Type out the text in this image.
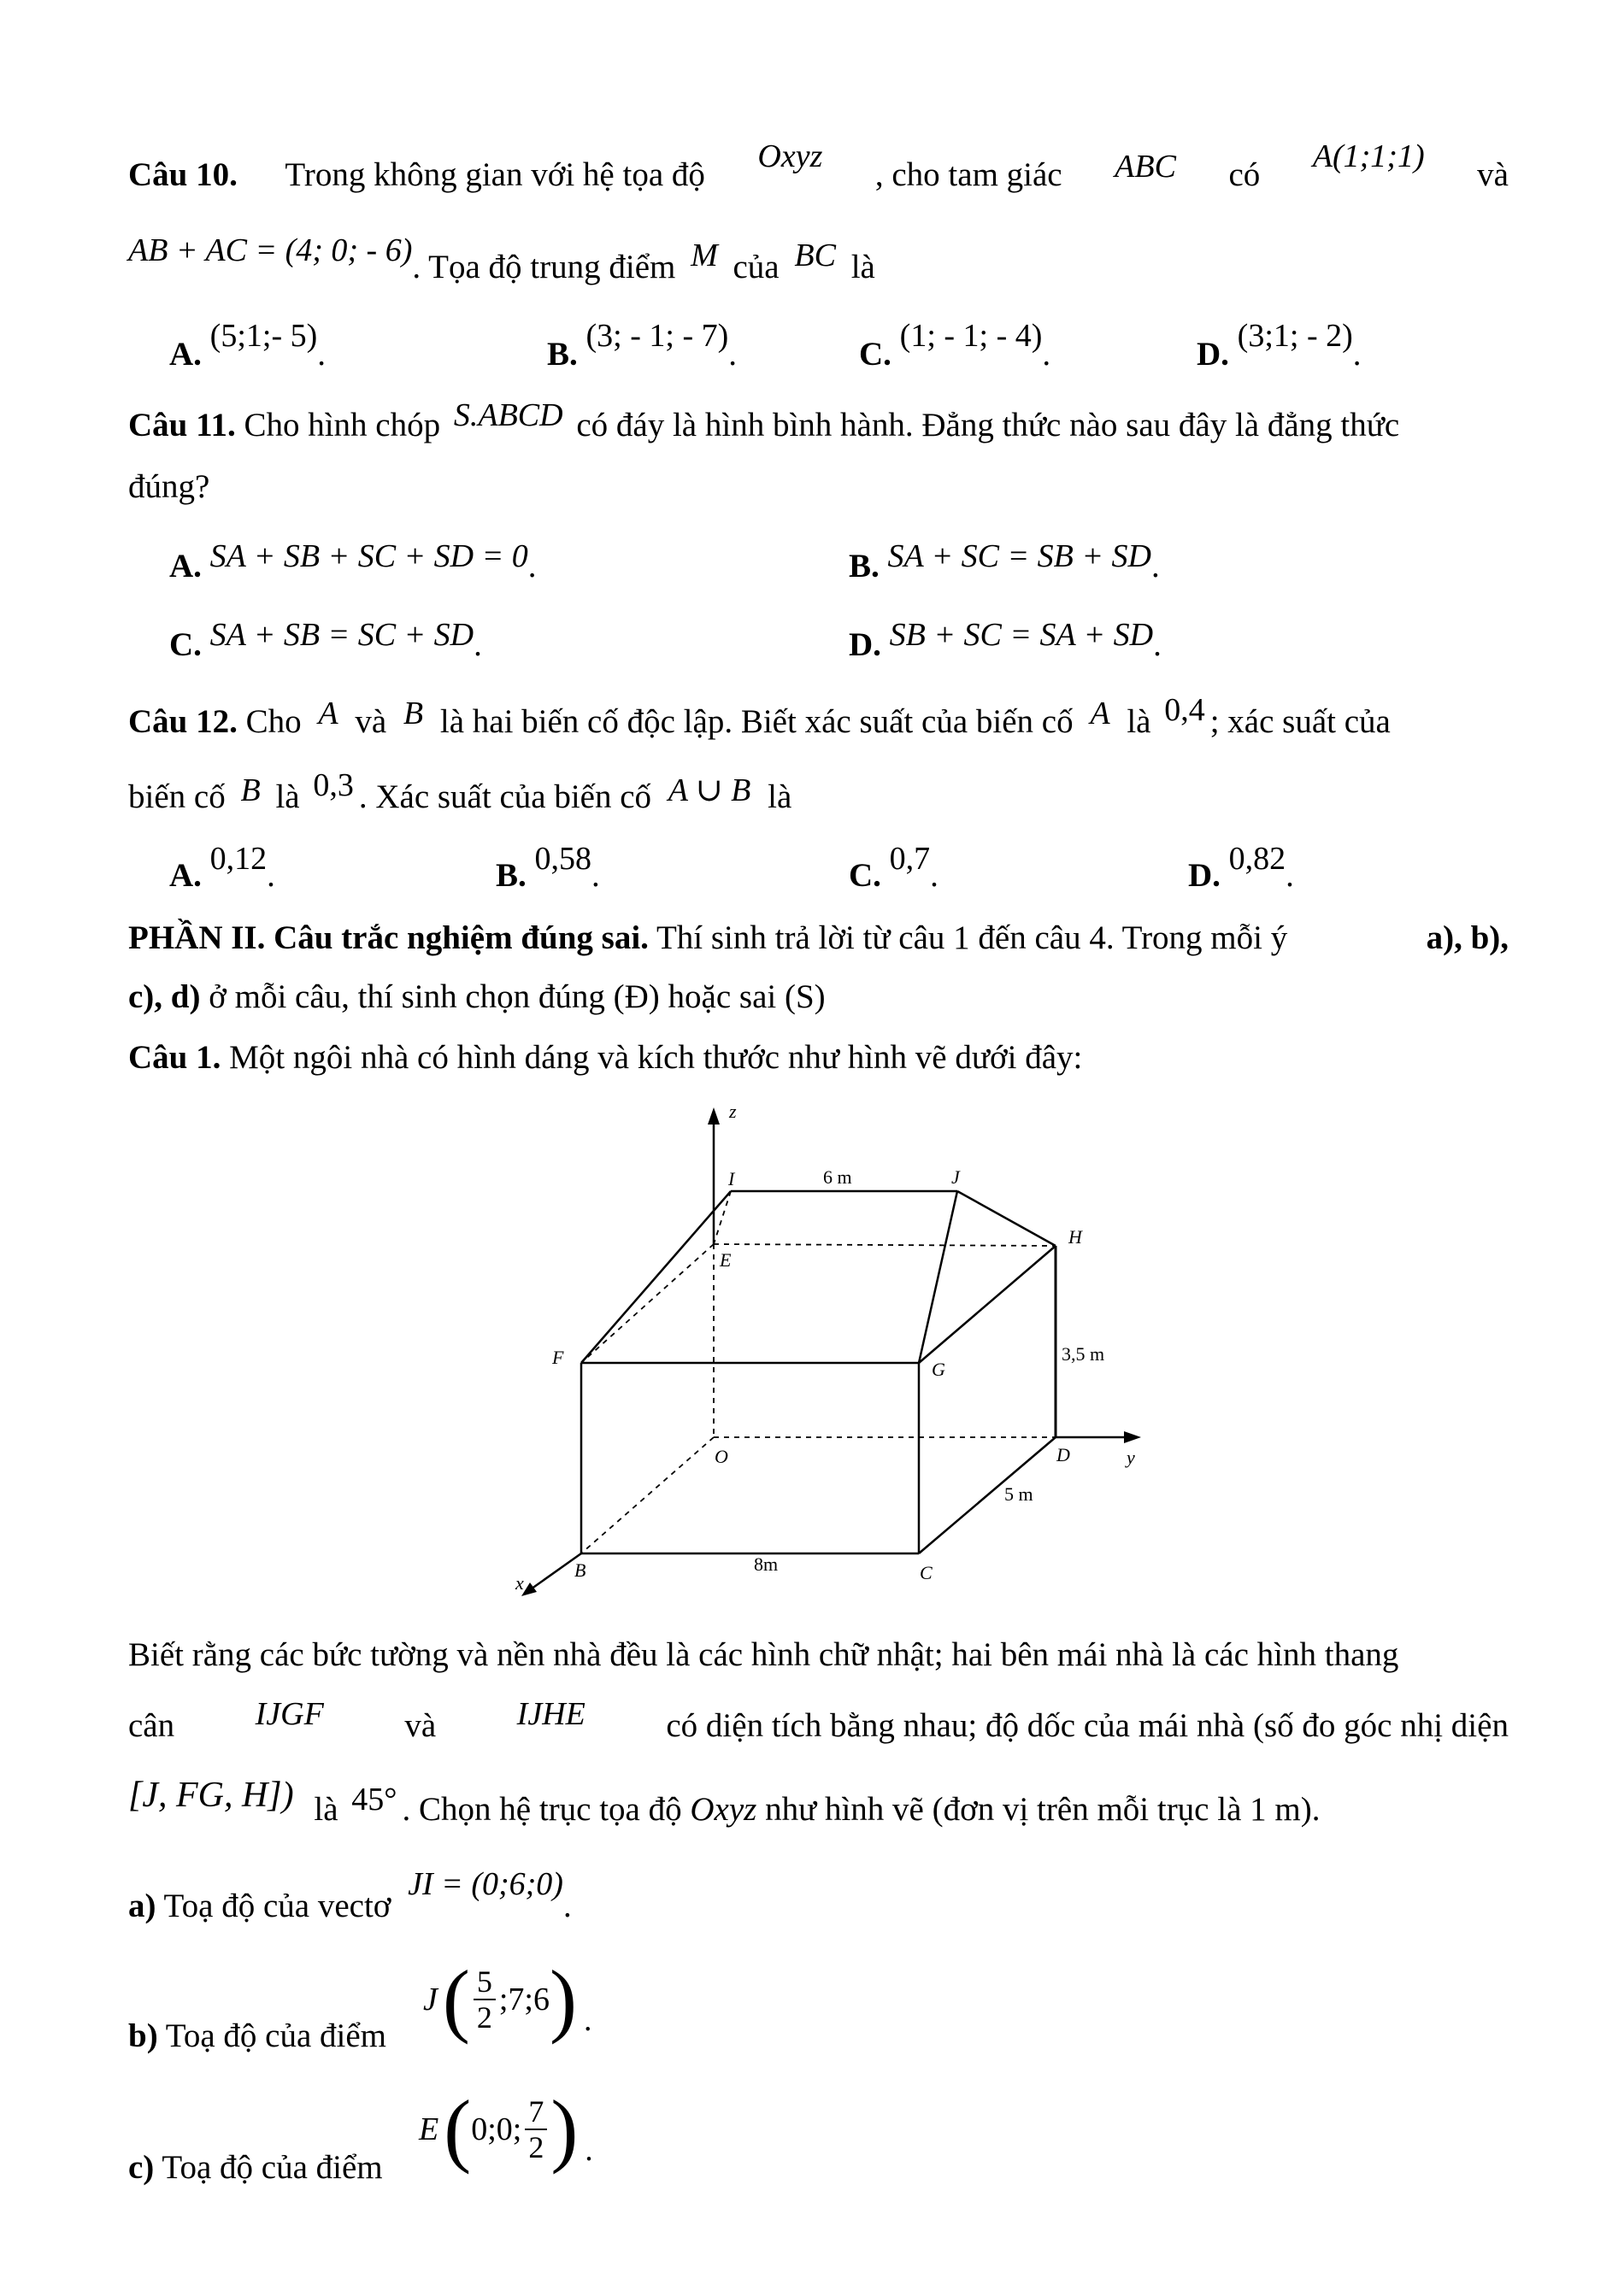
Câu 10. Trong không gian với hệ tọa độ Oxyz , cho tam giác ABC có A(1;1;1) và
AB + AC = (4; 0; - 6). Tọa độ trung điểm M của BC là
A. (5;1;- 5).	B. (3; - 1; - 7).	C. (1; - 1; - 4).	D. (3;1; - 2).
Câu 11. Cho hình chóp S.ABCD có đáy là hình bình hành. Đẳng thức nào sau đây là đẳng thức
đúng?
A. SA + SB + SC + SD = 0.	B. SA + SC = SB + SD.
C. SA + SB = SC + SD.	D. SB + SC = SA + SD.
Câu 12. Cho A và B là hai biến cố độc lập. Biết xác suất của biến cố A là 0,4 ; xác suất của
biến cố B là 0,3 . Xác suất của biến cố A ∪ B là
A. 0,12.	B. 0,58.	C. 0,7.	D. 0,82.
PHẦN II. Câu trắc nghiệm đúng sai. Thí sinh trả lời từ câu 1 đến câu 4. Trong mỗi ý	a), b),
c), d) ở mỗi câu, thí sinh chọn đúng (Đ) hoặc sai (S)
Câu 1. Một ngôi nhà có hình dáng và kích thước như hình vẽ dưới đây:
z
I	J
H
E
F
G
O	D	y
B	C
x
6 m
3,5 m
5 m
8m
Biết rằng các bức tường và nền nhà đều là các hình chữ nhật; hai bên mái nhà là các hình thang
cân IJGF và IJHE có diện tích bằng nhau; độ dốc của mái nhà (số đo góc nhị diện
[J, FG, H]) là 45° . Chọn hệ trục tọa độ Oxyz như hình vẽ (đơn vị trên mỗi trục là 1 m).
a) Toạ độ của vectơ JI = (0;6;0).
b) Toạ độ của điểm
J ( $\frac{5}{2}$ ;7;6 ) .
c) Toạ độ của điểm
E ( 0;0; $\frac{7}{2}$ ) .
